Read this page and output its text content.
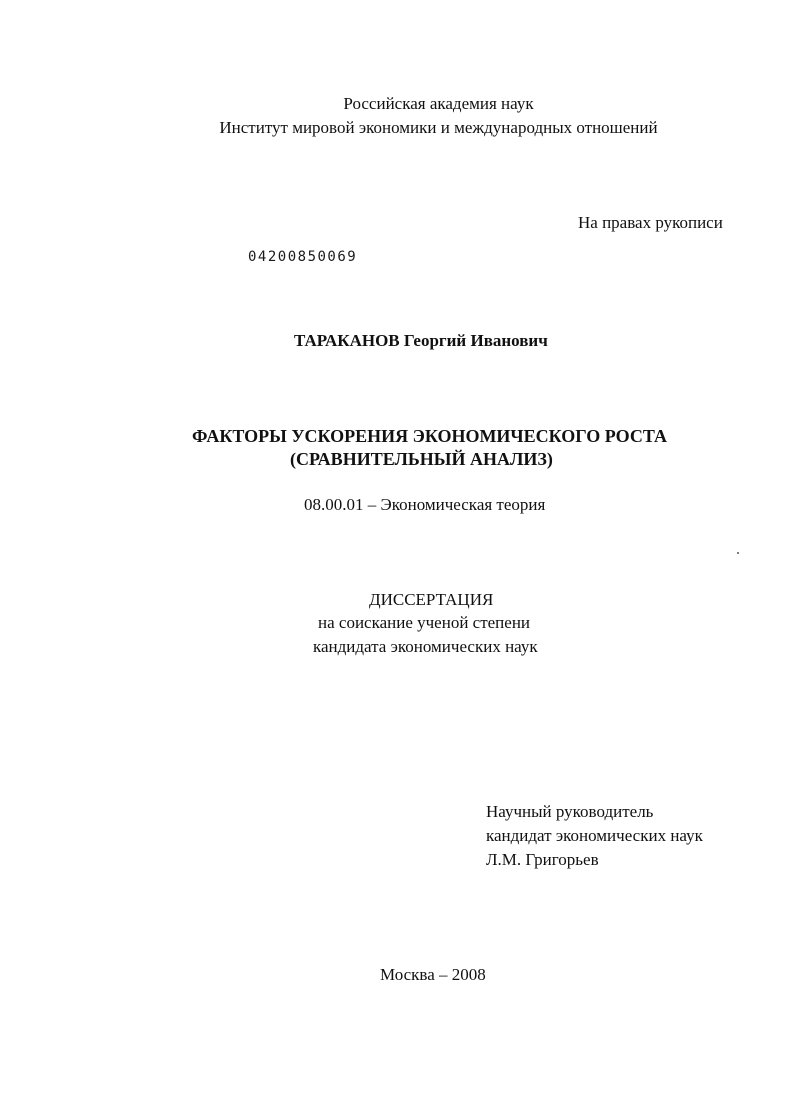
Российская академия наук
Институт мировой экономики и международных отношений
На правах рукописи
04200850069
ТАРАКАНОВ Георгий Иванович
ФАКТОРЫ УСКОРЕНИЯ ЭКОНОМИЧЕСКОГО РОСТА
(СРАВНИТЕЛЬНЫЙ АНАЛИЗ)
08.00.01 – Экономическая теория
ДИССЕРТАЦИЯ
на соискание ученой степени
кандидата экономических наук
Научный руководитель
кандидат экономических наук
Л.М. Григорьев
Москва – 2008
